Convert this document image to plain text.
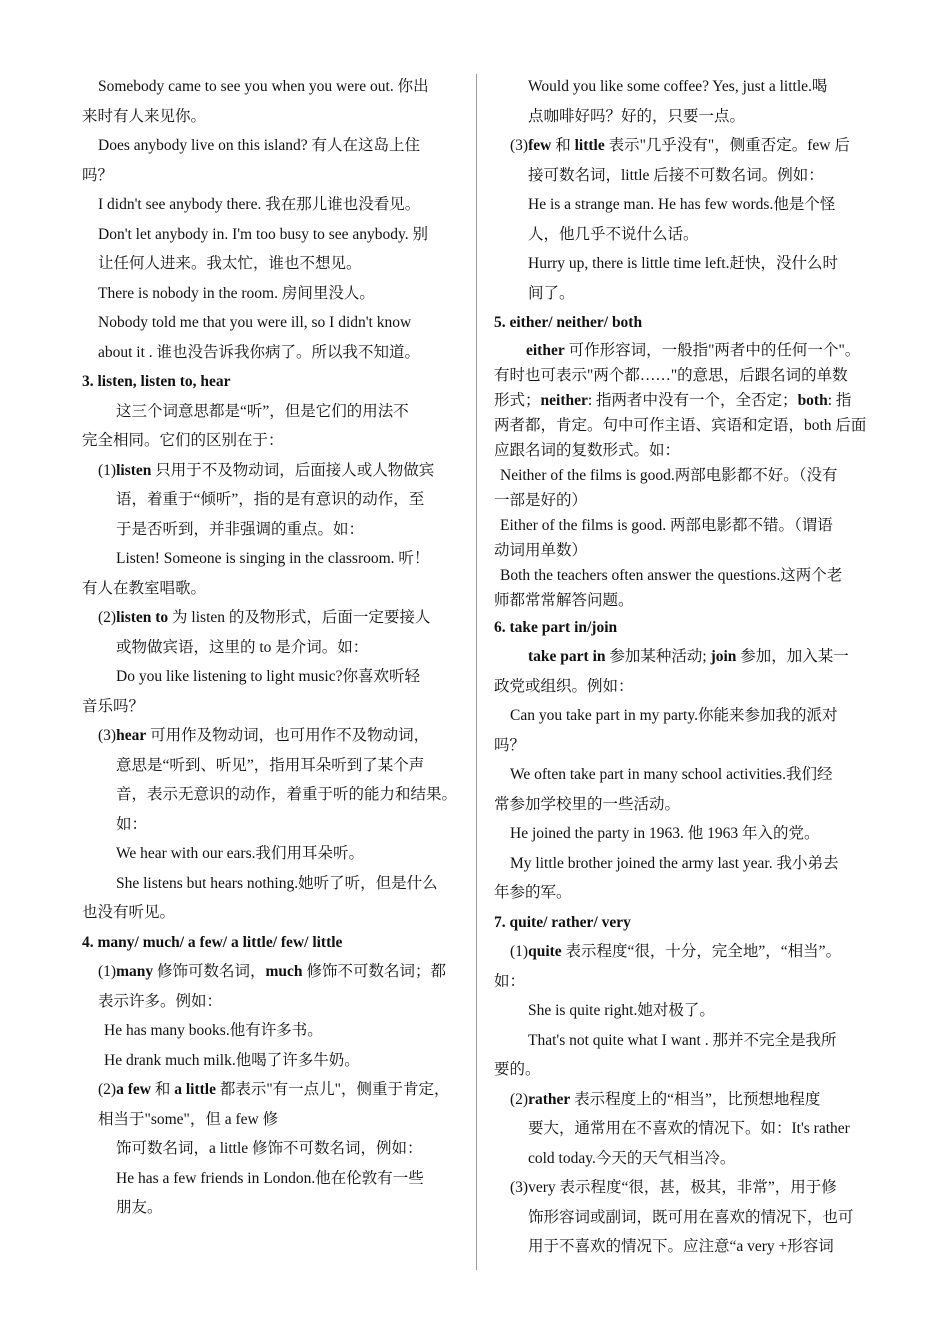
Somebody came to see you when you were out. 你出

来时有人来见你。

Does anybody live on this island? 有人在这岛上住

吗？

I didn't see anybody there. 我在那儿谁也没看见。

Don't let anybody in. I'm too busy to see anybody. 别

让任何人进来。我太忙，谁也不想见。

There is nobody in the room. 房间里没人。

Nobody told me that you were ill, so I didn't know

about it . 谁也没告诉我你病了。所以我不知道。

3. listen, listen to, hear

这三个词意思都是“听”，但是它们的用法不

完全相同。它们的区别在于：

(1)listen 只用于不及物动词，后面接人或人物做宾

语，着重于“倾听”，指的是有意识的动作，至

于是否听到，并非强调的重点。如：

Listen! Someone is singing in the classroom. 听！

有人在教室唱歌。

(2)listen to 为 listen 的及物形式，后面一定要接人

或物做宾语，这里的 to 是介词。如：

Do you like listening to light music?你喜欢听轻

音乐吗？

(3)hear 可用作及物动词，也可用作不及物动词，

意思是“听到、听见”，指用耳朵听到了某个声

音，表示无意识的动作，着重于听的能力和结果。

如：

We hear with our ears.我们用耳朵听。

She listens but hears nothing.她听了听，但是什么

也没有听见。

4. many/ much/ a few/ a little/ few/ little

(1)many 修饰可数名词，much 修饰不可数名词；都

表示许多。例如：

He has many books.他有许多书。

He drank much milk.他喝了许多牛奶。

(2)a few 和 a little 都表示"有一点儿"，侧重于肯定，

相当于"some"，但 a few 修

饰可数名词，a little 修饰不可数名词，例如：

He has a few friends in London.他在伦敦有一些

朋友。

Would you like some coffee? Yes, just a little.喝

点咖啡好吗？好的，只要一点。

(3)few 和 little 表示"几乎没有"，侧重否定。few 后

接可数名词，little 后接不可数名词。例如：

He is a strange man. He has few words.他是个怪

人，他几乎不说什么话。

Hurry up, there is little time left.赶快，没什么时

间了。

5. either/ neither/ both

either 可作形容词，一般指"两者中的任何一个"。

有时也可表示"两个都……"的意思，后跟名词的单数

形式；neither: 指两者中没有一个，全否定；both: 指

两者都，肯定。句中可作主语、宾语和定语，both 后面

应跟名词的复数形式。如：

Neither of the films is good.两部电影都不好。（没有

一部是好的）

Either of the films is good. 两部电影都不错。（谓语

动词用单数）

Both the teachers often answer the questions.这两个老

师都常常解答问题。

6. take part in/join

take part in 参加某种活动; join 参加，加入某一

政党或组织。例如：

Can you take part in my party.你能来参加我的派对

吗？

We often take part in many school activities.我们经

常参加学校里的一些活动。

He joined the party in 1963. 他 1963 年入的党。

My little brother joined the army last year. 我小弟去

年参的军。

7. quite/ rather/ very

(1)quite 表示程度“很，十分，完全地”，“相当”。

如：

She is quite right.她对极了。

That's not quite what I want . 那并不完全是我所

要的。

(2)rather 表示程度上的“相当”，比预想地程度

要大，通常用在不喜欢的情况下。如：It's rather

cold today.今天的天气相当冷。

(3)very 表示程度“很，甚，极其，非常”，用于修

饰形容词或副词，既可用在喜欢的情况下，也可

用于不喜欢的情况下。应注意“a very +形容词
